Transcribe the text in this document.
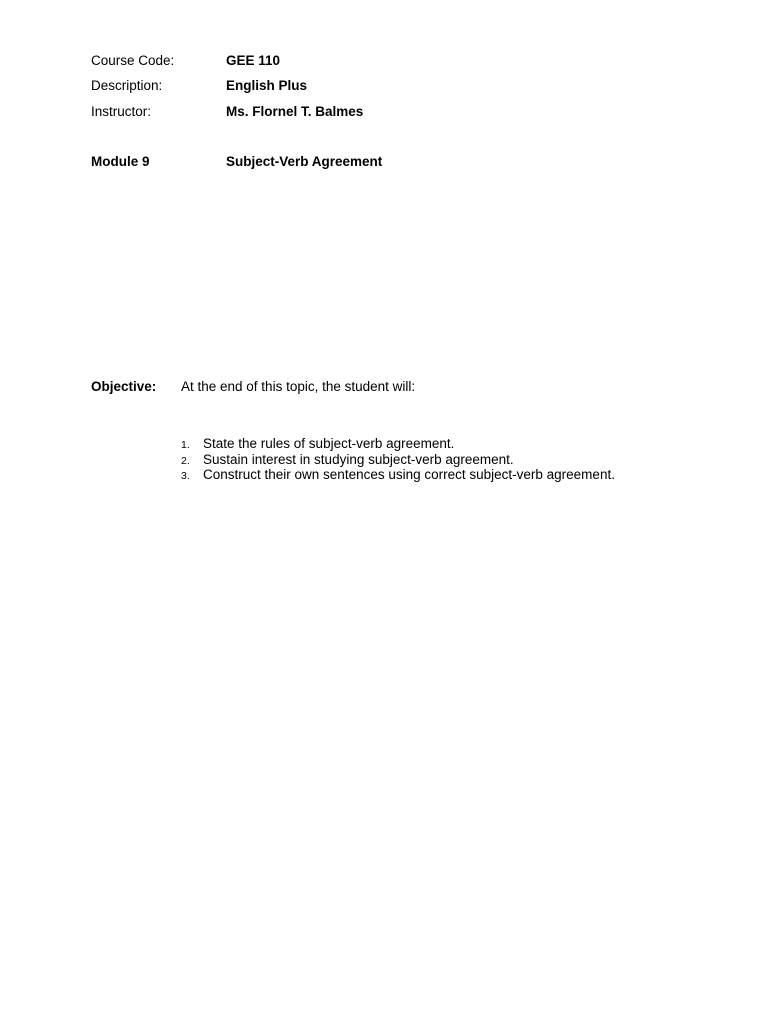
Course Code:	GEE 110
Description:	English Plus
Instructor:	Ms. Flornel T. Balmes
Module 9	Subject-Verb Agreement
Objective: At the end of this topic, the student will:
1. State the rules of subject-verb agreement.
2. Sustain interest in studying subject-verb agreement.
3. Construct their own sentences using correct subject-verb agreement.
